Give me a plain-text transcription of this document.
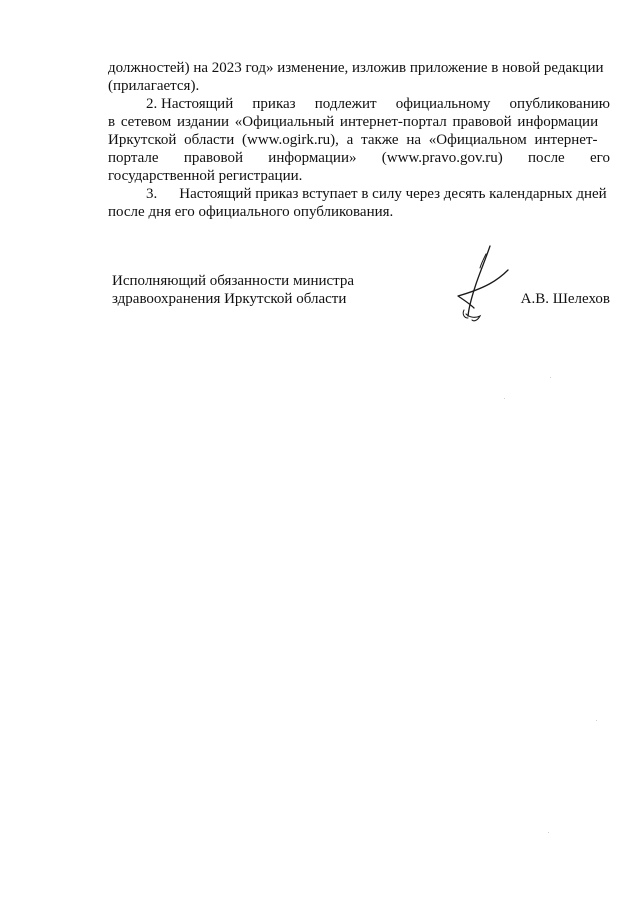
должностей) на 2023 год» изменение, изложив приложение в новой редакции
(прилагается).

2. Настоящий приказ подлежит официальному опубликованию
в сетевом издании «Официальный интернет-портал правовой информации
Иркутской области (www.ogirk.ru), а также на «Официальном интернет-
портале правовой информации» (www.pravo.gov.ru) после его
государственной регистрации.

3. Настоящий приказ вступает в силу через десять календарных дней
после дня его официального опубликования.

Исполняющий обязанности министра
здравоохранения Иркутской области	А.В. Шелехов
